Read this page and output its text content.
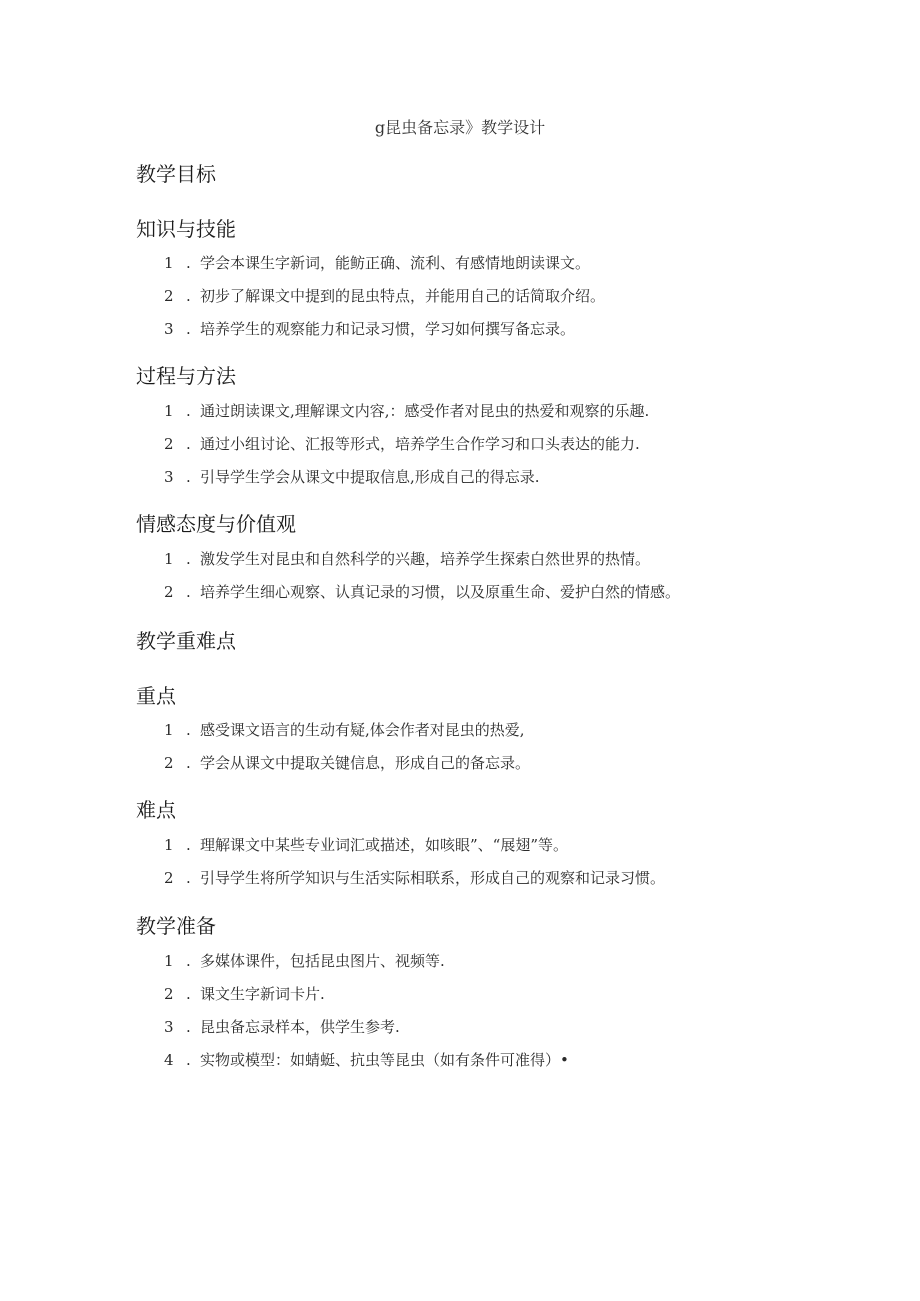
g昆虫备忘录》教学设计
教学目标
知识与技能
1 . 学会本课生字新词，能鲂正确、流利、有感情地朗读课文。
2 . 初步了解课文中提到的昆虫特点，并能用自己的话简取介绍。
3 . 培养学生的观察能力和记录习惯，学习如何撰写备忘录。
过程与方法
1 . 通过朗读课文,理解课文内容,：感受作者对昆虫的热爱和观察的乐趣.
2 . 通过小组讨论、汇报等形式，培养学生合作学习和口头表达的能力.
3 . 引导学生学会从课文中提取信息,形成自己的得忘录.
情感态度与价值观
1 . 激发学生对昆虫和自然科学的兴趣，培养学生探索白然世界的热情。
2 . 培养学生细心观察、认真记录的习惯，以及原重生命、爱护白然的情感。
教学重难点
重点
1 . 感受课文语言的生动有疑,体会作者对昆虫的热爱,
2 . 学会从课文中提取关键信息，形成自己的备忘录。
难点
1 . 理解课文中某些专业词汇或描述，如咳眼”、“展翅”等。
2 . 引导学生将所学知识与生活实际相联系，形成自己的观察和记录习惯。
教学准备
1 . 多媒体课件，包括昆虫图片、视频等.
2 . 课文生字新词卡片.
3 . 昆虫备忘录样本，供学生参考.
4 . 实物或模型：如蜻蜓、抗虫等昆虫（如有条件可准得）•
